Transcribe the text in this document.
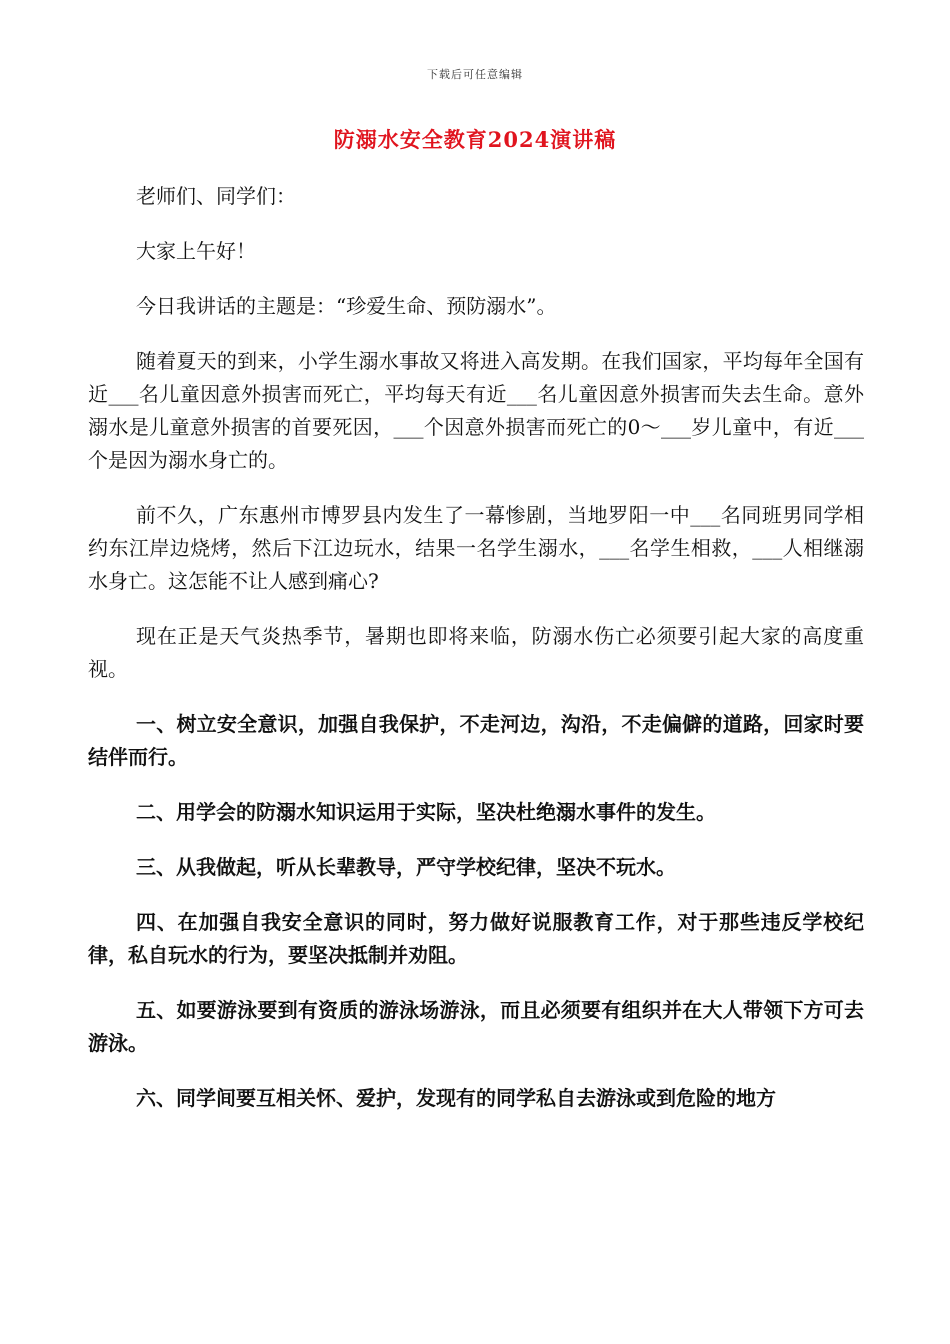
下载后可任意编辑
防溺水安全教育2024演讲稿

老师们、同学们：

大家上午好！

今日我讲话的主题是：“珍爱生命、预防溺水”。

随着夏天的到来，小学生溺水事故又将进入高发期。在我们国家，平均每年全国有近___名儿童因意外损害而死亡，平均每天有近___名儿童因意外损害而失去生命。意外溺水是儿童意外损害的首要死因，___个因意外损害而死亡的0～___岁儿童中，有近___个是因为溺水身亡的。

前不久，广东惠州市博罗县内发生了一幕惨剧，当地罗阳一中___名同班男同学相约东江岸边烧烤，然后下江边玩水，结果一名学生溺水，___名学生相救，___人相继溺水身亡。这怎能不让人感到痛心?

现在正是天气炎热季节，暑期也即将来临，防溺水伤亡必须要引起大家的高度重视。

一、树立安全意识，加强自我保护，不走河边，沟沿，不走偏僻的道路，回家时要结伴而行。

二、用学会的防溺水知识运用于实际，坚决杜绝溺水事件的发生。

三、从我做起，听从长辈教导，严守学校纪律，坚决不玩水。

四、在加强自我安全意识的同时，努力做好说服教育工作，对于那些违反学校纪律，私自玩水的行为，要坚决抵制并劝阻。

五、如要游泳要到有资质的游泳场游泳，而且必须要有组织并在大人带领下方可去游泳。

六、同学间要互相关怀、爱护，发现有的同学私自去游泳或到危险的地方
